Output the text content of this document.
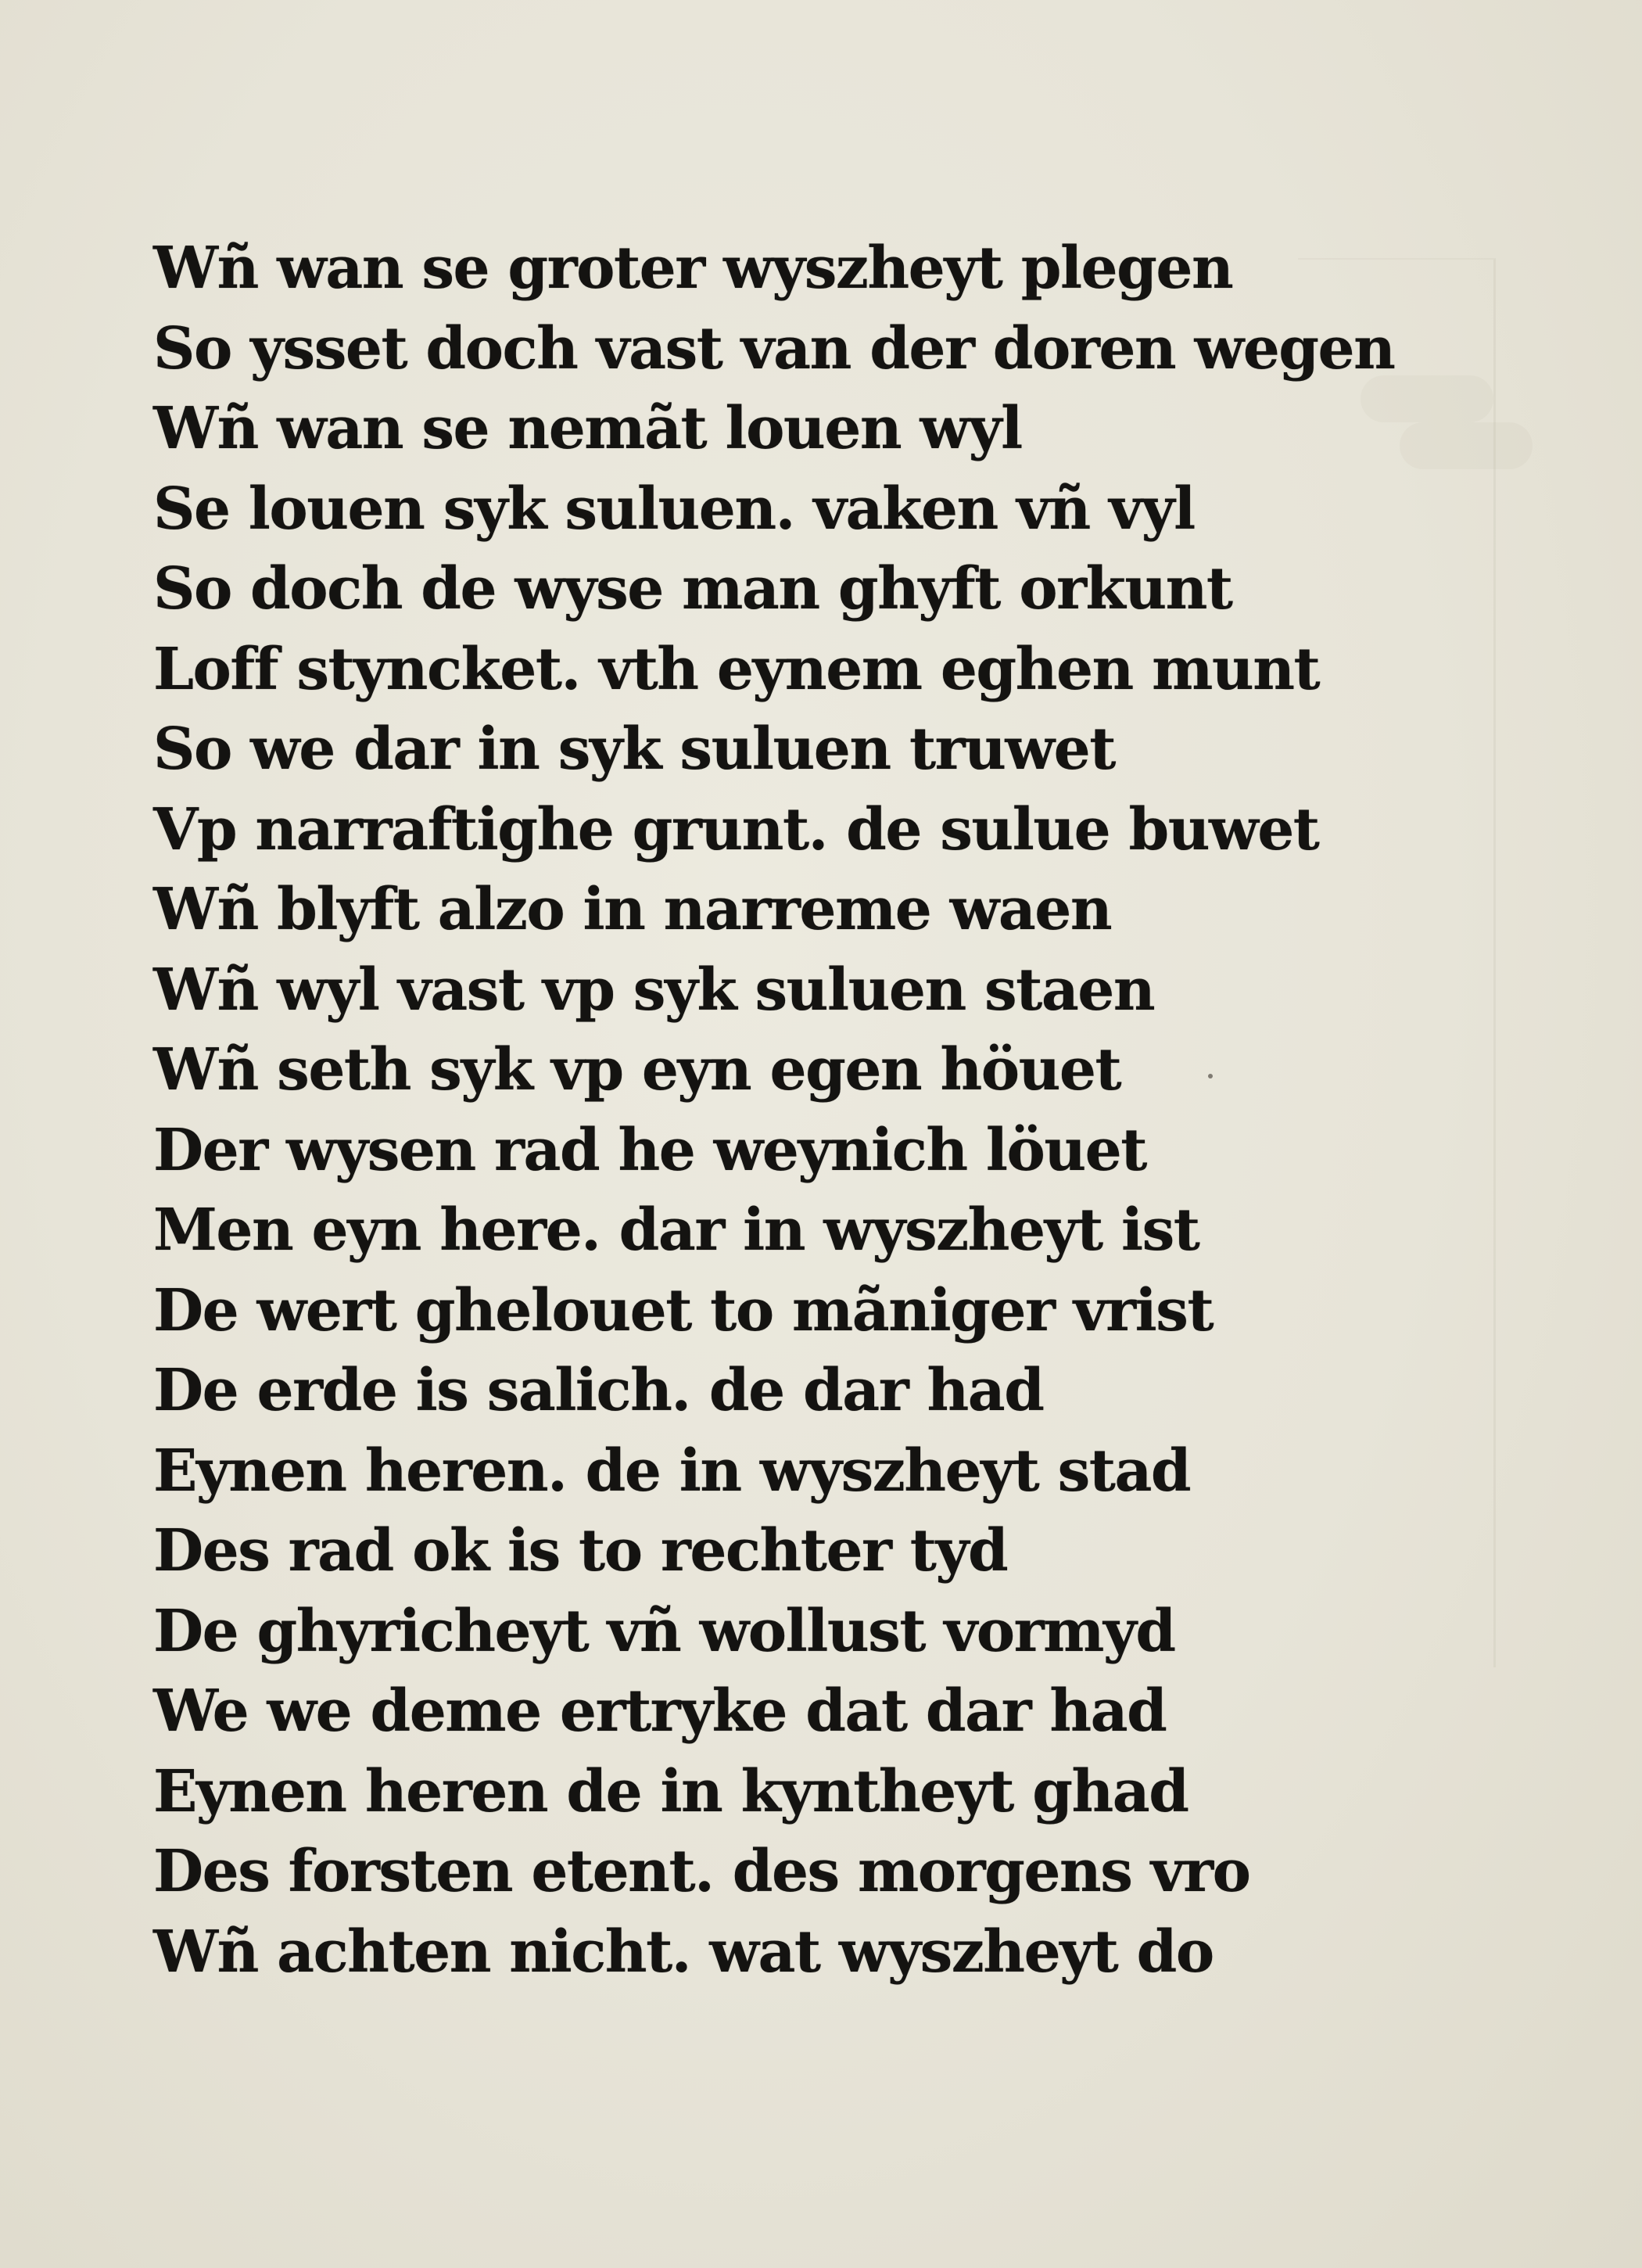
Wñ wan se groter wyszheyt plegen
So ysset doch vast van der doren wegen
Wñ wan se nemãt louen wyl
Se louen syk suluen. vaken vñ vyl
So doch de wyse man ghyft orkunt
Loff styncket. vth eynem eghen munt
So we dar in syk suluen truwet
Vp narraftighe grunt. de sulue buwet
Wñ blyft alzo in narreme waen
Wñ wyl vast vp syk suluen staen
Wñ seth syk vp eyn egen höuet
Der wysen rad he weynich löuet
Men eyn here. dar in wyszheyt ist
De wert ghelouet to mãniger vrist
De erde is salich. de dar had
Eynen heren. de in wyszheyt stad
Des rad ok is to rechter tyd
De ghyricheyt vñ wollust vormyd
We we deme ertryke dat dar had
Eynen heren de in kyntheyt ghad
Des forsten etent. des morgens vro
Wñ achten nicht. wat wyszheyt do
